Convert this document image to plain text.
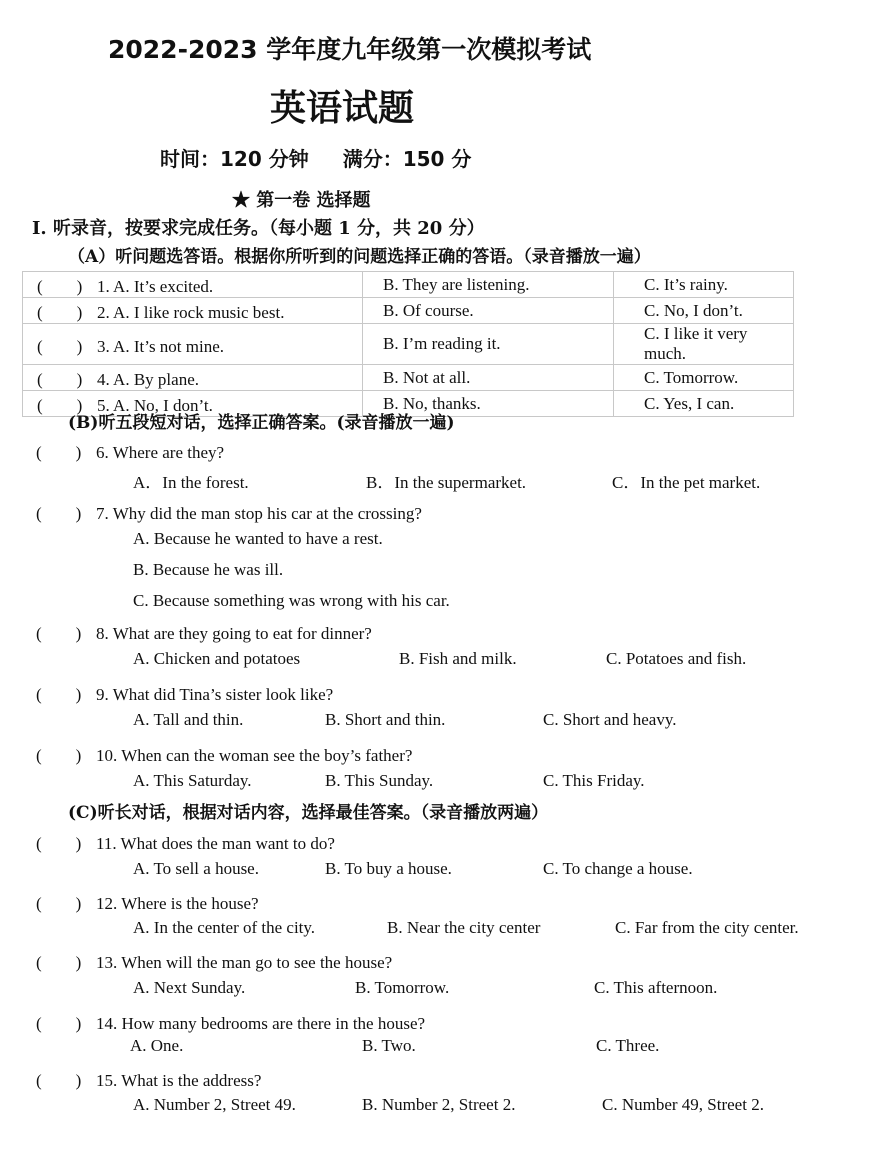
2022-2023 学年度九年级第一次模拟考试
英语试题
时间：120 分钟 满分：150 分
★ 第一卷 选择题
Ⅰ. 听录音，按要求完成任务。（每小题 1 分，共 20 分）
（A）听问题选答语。根据你所听到的问题选择正确的答语。（录音播放一遍）
(　　) 1. A. It’s excited.	B. They are listening.	C. It’s rainy.
(　　) 2. A. I like rock music best.	B. Of course.	C. No, I don’t.
(　　) 3. A. It’s not mine.	B. I’m reading it.	C. I like it very much.
(　　) 4. A. By plane.	B. Not at all.	C. Tomorrow.
(　　) 5. A. No, I don’t.	B. No, thanks.	C. Yes, I can.
(B)听五段短对话，选择正确答案。(录音播放一遍)
(　　) 6. Where are they?
A．In the forest.	B．In the supermarket.	C．In the pet market.
(　　) 7. Why did the man stop his car at the crossing?
A. Because he wanted to have a rest.
B. Because he was ill.
C. Because something was wrong with his car.
(　　) 8. What are they going to eat for dinner?
A. Chicken and potatoes	B. Fish and milk.	C. Potatoes and fish.
(　　) 9. What did Tina’s sister look like?
A. Tall and thin.	B. Short and thin.	C. Short and heavy.
(　　) 10. When can the woman see the boy’s father?
A. This Saturday.	B. This Sunday.	C. This Friday.
(C)听长对话，根据对话内容，选择最佳答案。（录音播放两遍）
(　　) 11. What does the man want to do?
A. To sell a house.	B. To buy a house.	C. To change a house.
(　　) 12. Where is the house?
A. In the center of the city.	B. Near the city center	C. Far from the city center.
(　　) 13. When will the man go to see the house?
A. Next Sunday.	B. Tomorrow.	C. This afternoon.
(　　) 14. How many bedrooms are there in the house?
A. One.	B. Two.	C. Three.
(　　) 15. What is the address?
A. Number 2, Street 49.	B. Number 2, Street 2.	C. Number 49, Street 2.
